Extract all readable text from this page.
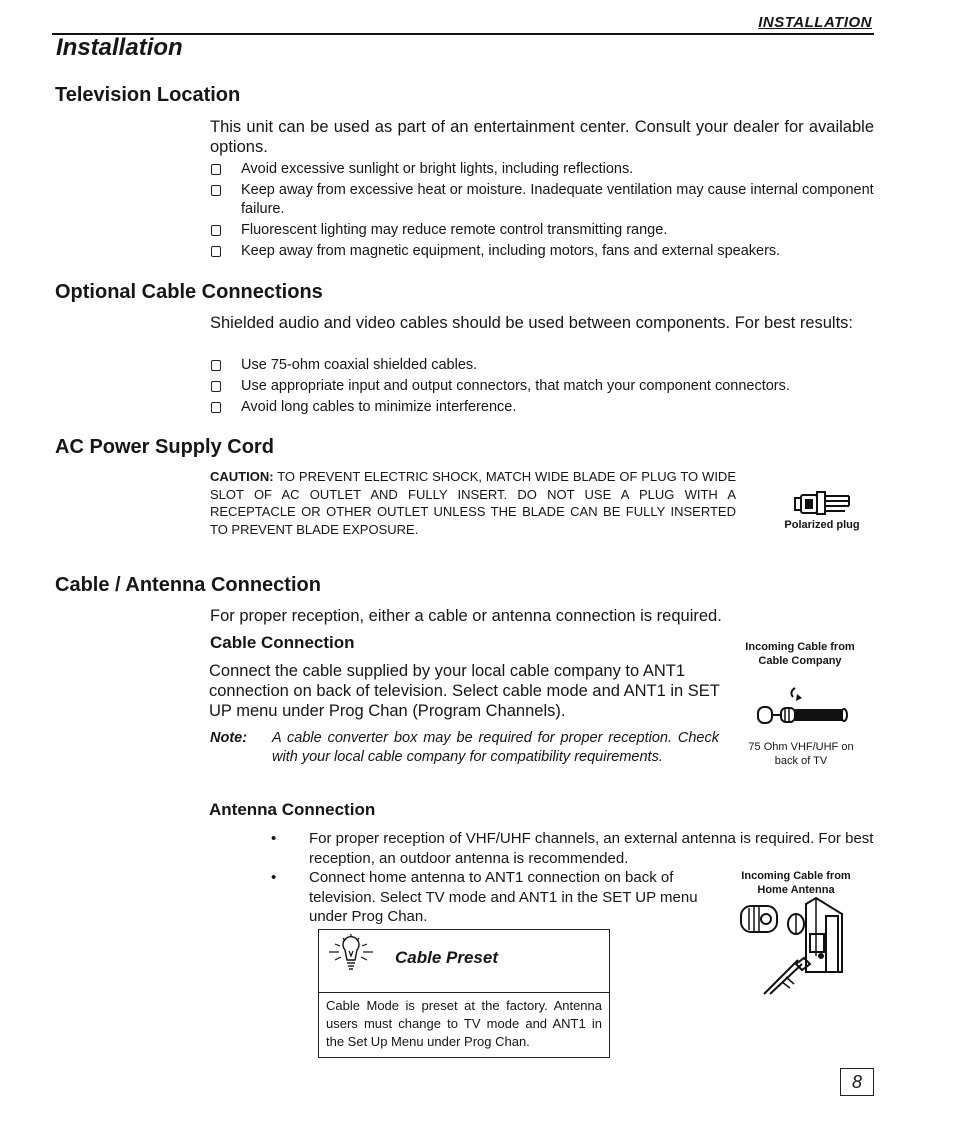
INSTALLATION
Installation
Television Location

This unit can be used as part of an entertainment center. Consult your dealer for available options.

Avoid excessive sunlight or bright lights, including reflections.
Keep away from excessive heat or moisture. Inadequate ventilation may cause internal component failure.
Fluorescent lighting may reduce remote control transmitting range.
Keep away from magnetic equipment, including motors, fans and external speakers.
Optional Cable Connections

Shielded audio and video cables should be used between components. For best results:

Use 75-ohm coaxial shielded cables.
Use appropriate input and output connectors, that match your component connectors.
Avoid long cables to minimize interference.
AC Power Supply Cord
CAUTION: TO PREVENT ELECTRIC SHOCK, MATCH WIDE BLADE OF PLUG TO WIDE SLOT OF AC OUTLET AND FULLY INSERT. DO NOT USE A PLUG WITH A RECEPTACLE OR OTHER OUTLET UNLESS THE BLADE CAN BE FULLY INSERTED TO PREVENT BLADE EXPOSURE.	Polarized plug
Cable / Antenna Connection

For proper reception, either a cable or antenna connection is required.

Cable Connection

Connect the cable supplied by your local cable company to ANT1 connection on back of television. Select cable mode and ANT1 in SET UP menu under Prog Chan (Program Channels).

Note: A cable converter box may be required for proper reception. Check with your local cable company for compatibility requirements.
Incoming Cable from Cable Company
75 Ohm VHF/UHF on back of TV
Antenna Connection
• For proper reception of VHF/UHF channels, an external antenna is required. For best reception, an outdoor antenna is recommended.
• Connect home antenna to ANT1 connection on back of television. Select TV mode and ANT1 in the SET UP menu under Prog Chan.
Incoming Cable from Home Antenna
Cable Preset
Cable Mode is preset at the factory. Antenna users must change to TV mode and ANT1 in the Set Up Menu under Prog Chan.
8
